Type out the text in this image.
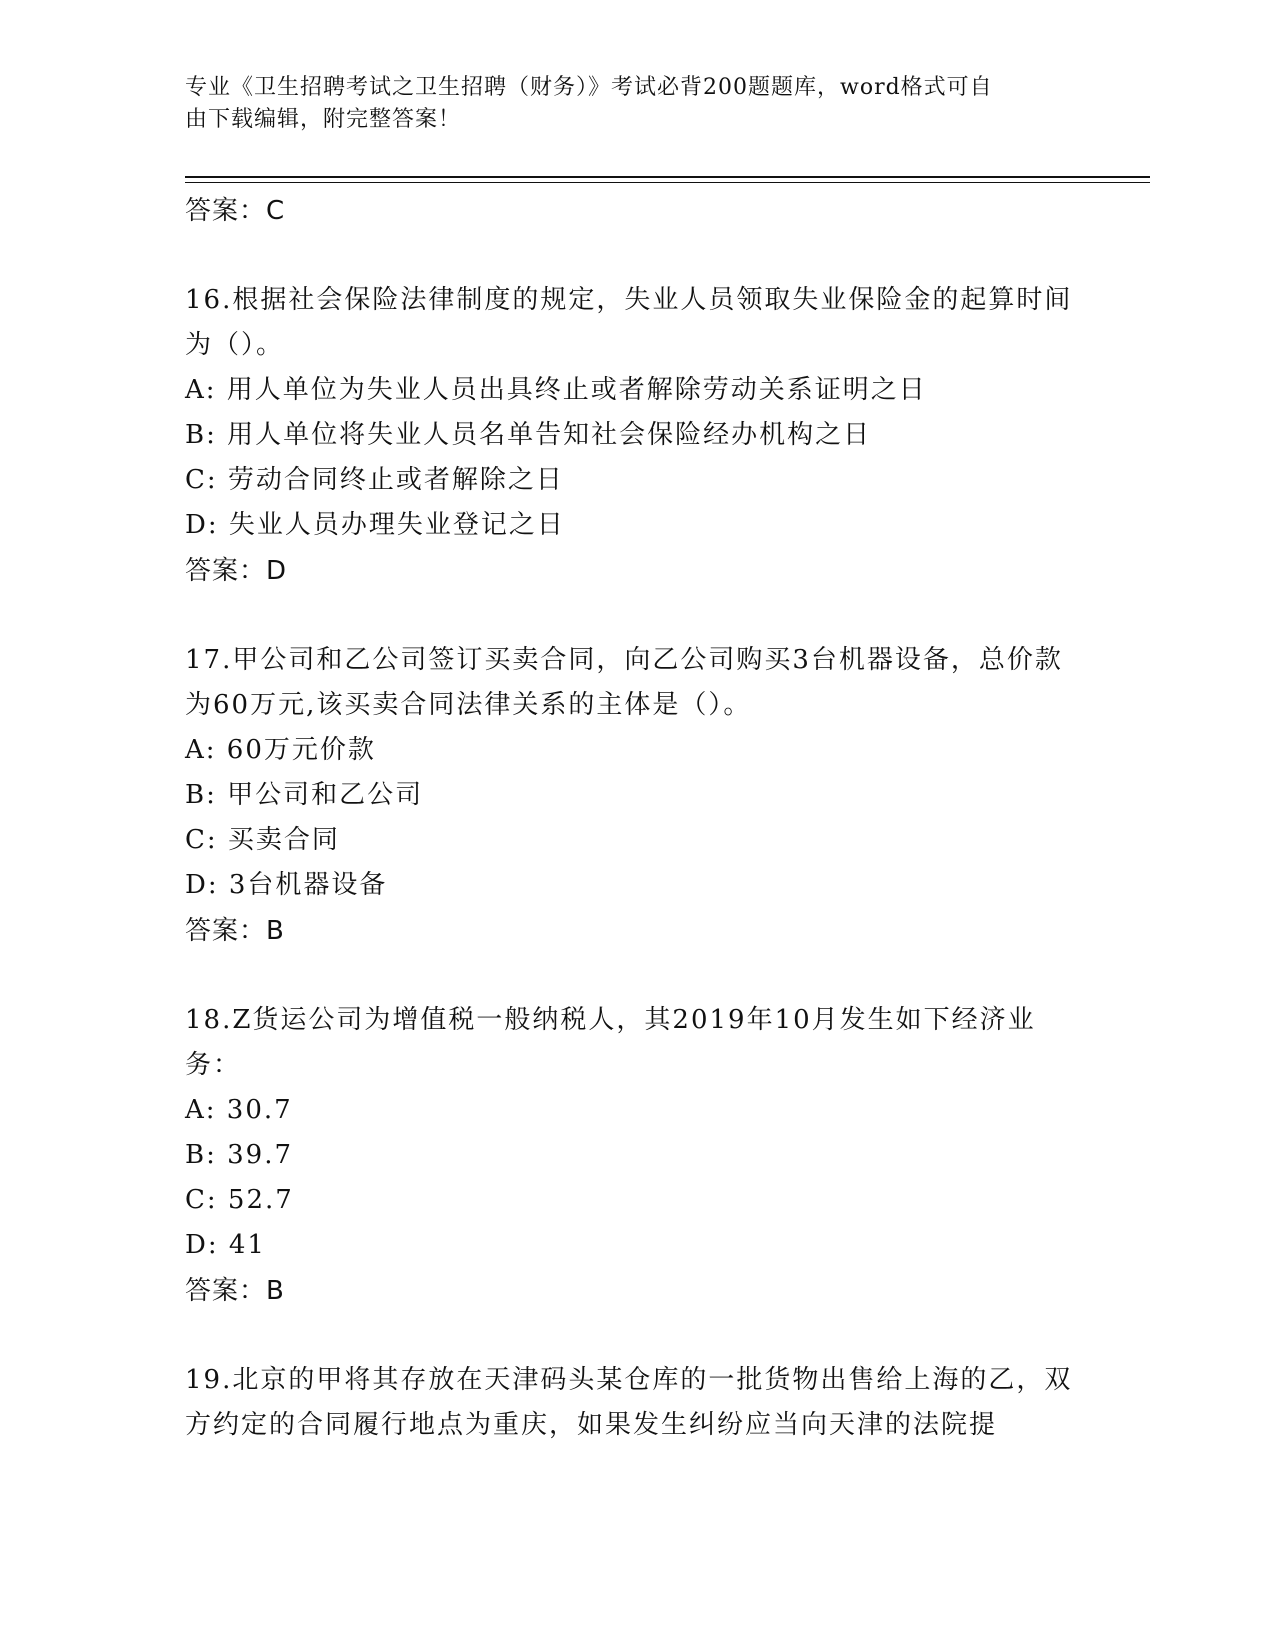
专业《卫生招聘考试之卫生招聘（财务）》考试必背200题题库，word格式可自
由下载编辑，附完整答案！
答案：C
16.根据社会保险法律制度的规定，失业人员领取失业保险金的起算时间为（）。
A: 用人单位为失业人员出具终止或者解除劳动关系证明之日
B: 用人单位将失业人员名单告知社会保险经办机构之日
C: 劳动合同终止或者解除之日
D: 失业人员办理失业登记之日
答案：D
17.甲公司和乙公司签订买卖合同，向乙公司购买3台机器设备，总价款为60万元,该买卖合同法律关系的主体是（）。
A: 60万元价款
B: 甲公司和乙公司
C: 买卖合同
D: 3台机器设备
答案：B
18.Z货运公司为增值税一般纳税人，其2019年10月发生如下经济业务：
A: 30.7
B: 39.7
C: 52.7
D: 41
答案：B
19.北京的甲将其存放在天津码头某仓库的一批货物出售给上海的乙，双方约定的合同履行地点为重庆，如果发生纠纷应当向天津的法院提
